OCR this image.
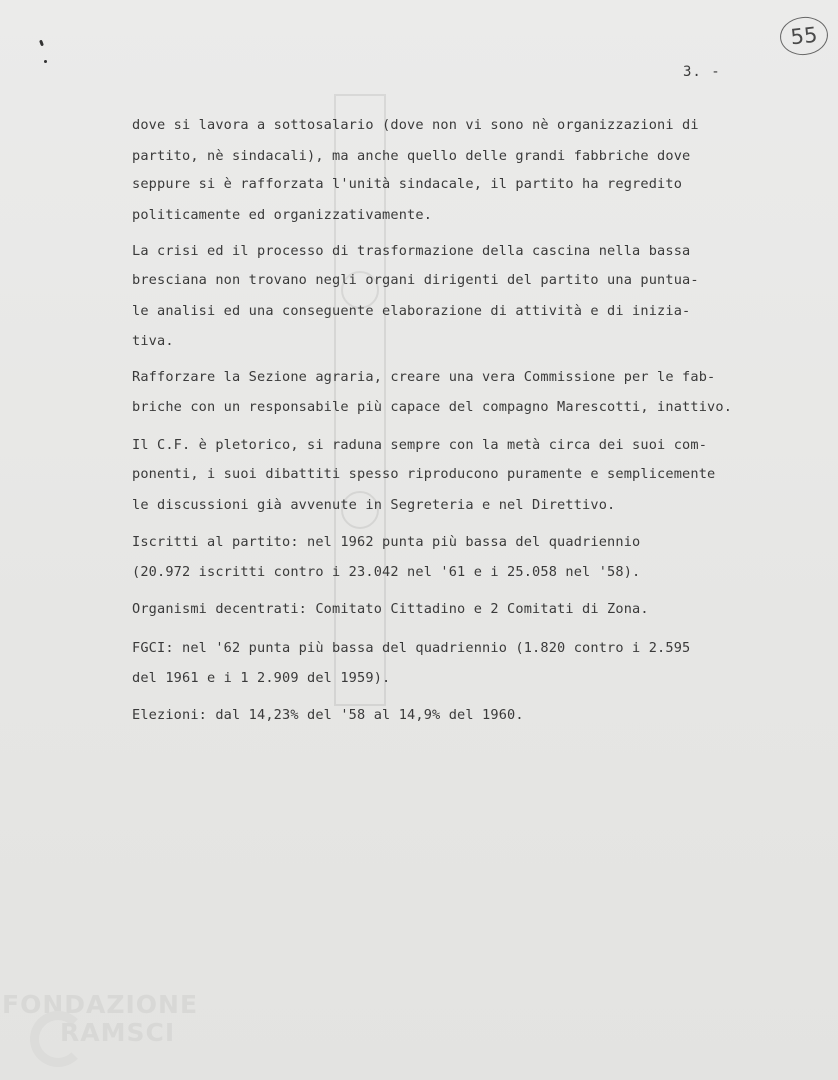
55
3. -
dove si lavora a sottosalario (dove non vi sono nè organizzazioni di
partito, nè sindacali), ma anche quello delle grandi fabbriche dove
seppure si è rafforzata l'unità sindacale, il partito ha regredito
politicamente ed organizzativamente.
La crisi ed il processo di trasformazione della cascina nella bassa
bresciana non trovano negli organi dirigenti del partito una puntua-
le analisi ed una conseguente elaborazione di attività e di inizia-
tiva.
Rafforzare la Sezione agraria, creare una vera Commissione per le fab-
briche con un responsabile più capace del compagno Marescotti, inattivo.
Il C.F. è pletorico, si raduna sempre con la metà circa dei suoi com-
ponenti, i suoi dibattiti spesso riproducono puramente e semplicemente
le discussioni già avvenute in Segreteria e nel Direttivo.
Iscritti al partito: nel 1962 punta più bassa del quadriennio
(20.972 iscritti contro i 23.042 nel '61 e i 25.058 nel '58).
Organismi decentrati: Comitato Cittadino e 2 Comitati di Zona.
FGCI: nel '62 punta più bassa del quadriennio (1.820 contro i 2.595
del 1961 e i 1 2.909 del 1959).
Elezioni: dal 14,23% del '58 al 14,9% del 1960.
FONDAZIONE
RAMSCI
